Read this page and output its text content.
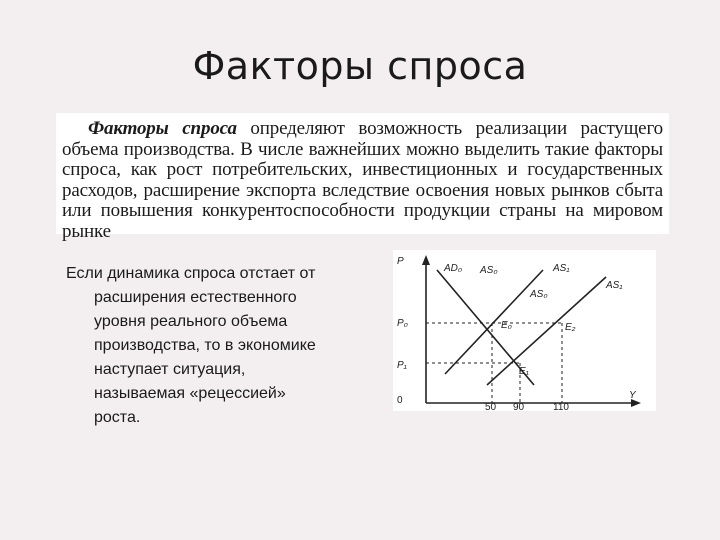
Факторы спроса
Факторы спроса определяют возможность реализации растущего объема производства. В числе важнейших можно выделить такие факторы спроса, как рост потребительских, инвестиционных и государственных расходов, расширение экспорта вследствие освоения новых рынков сбыта или повышения конкурентоспособности продукции страны на мировом рынке
Если динамика спроса отстает от
расширения естественного
уровня реального объема
производства, то в экономике
наступает ситуация,
называемая «рецессией»
роста.
P
Y
0
P₀
P₁
50 90	110
AD₀ AS₀	AS₁
AS₀
AS₁
E₀	E₂
E₁
